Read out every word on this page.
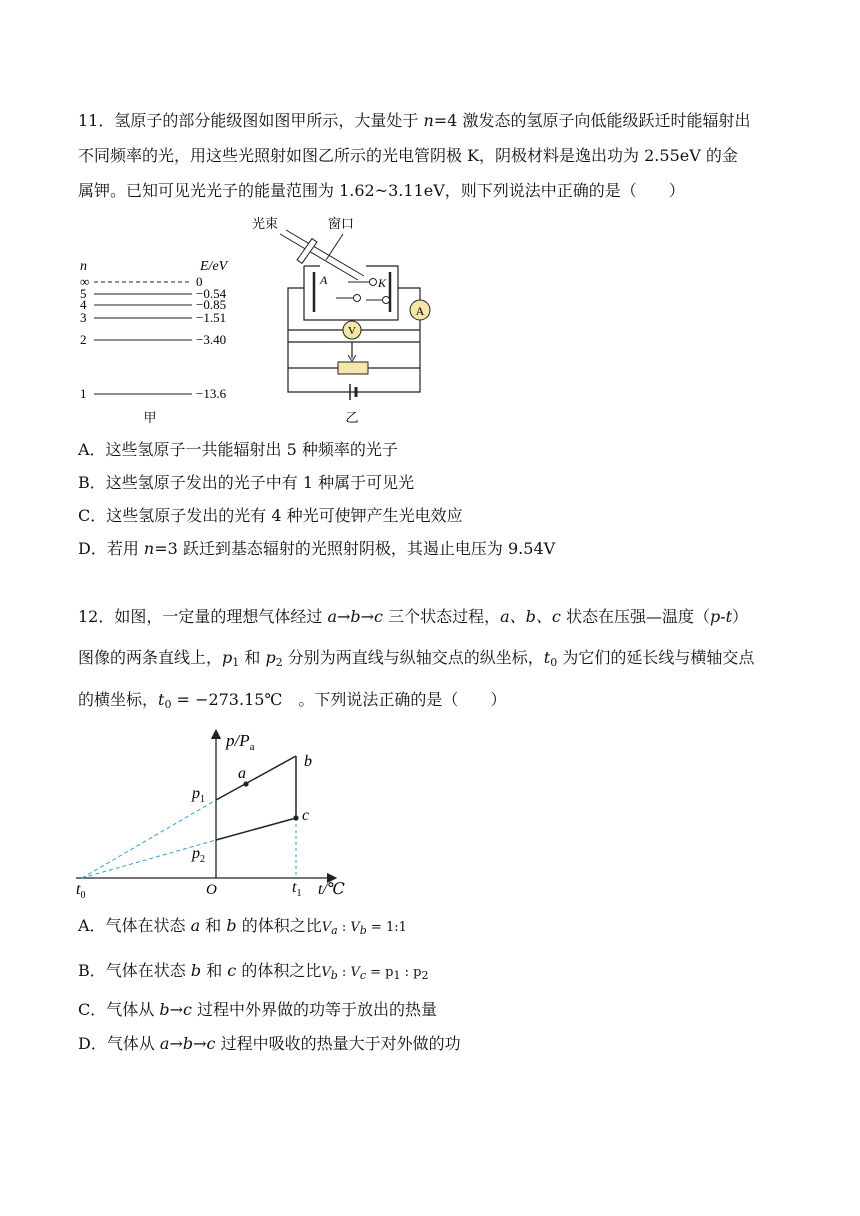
11．氢原子的部分能级图如图甲所示，大量处于 n=4 激发态的氢原子向低能级跃迁时能辐射出
不同频率的光，用这些光照射如图乙所示的光电管阴极 K，阴极材料是逸出功为 2.55eV 的金
属钾。已知可见光光子的能量范围为 1.62~3.11eV，则下列说法中正确的是（　　）
n	E/eV
∞	0
5	−0.54
4	−0.85
3	−1.51
2	−3.40
1	−13.6
甲
光束	窗口
A	K
A
V
乙
A．这些氢原子一共能辐射出 5 种频率的光子
B．这些氢原子发出的光子中有 1 种属于可见光
C．这些氢原子发出的光有 4 种光可使钾产生光电效应
D．若用 n=3 跃迁到基态辐射的光照射阴极，其遏止电压为 9.54V
12．如图，一定量的理想气体经过 a→b→c 三个状态过程，a、b、c 状态在压强—温度（p-t）
图像的两条直线上，$p_1$ 和 $p_2$ 分别为两直线与纵轴交点的纵坐标，$t_0$ 为它们的延长线与横轴交点
的横坐标，$t_0$ = −273.15℃　。下列说法正确的是（　　）
$p/P_a$
t/℃
O
a
b
c
$p_1$
$p_2$
$t_0$	$t_1$
A．气体在状态 a 和 b 的体积之比$V_a$ : $V_b$ = 1:1
B．气体在状态 b 和 c 的体积之比$V_b$ : $V_c = p_1$ : $p_2$
C．气体从 b→c 过程中外界做的功等于放出的热量
D．气体从 a→b→c 过程中吸收的热量大于对外做的功
